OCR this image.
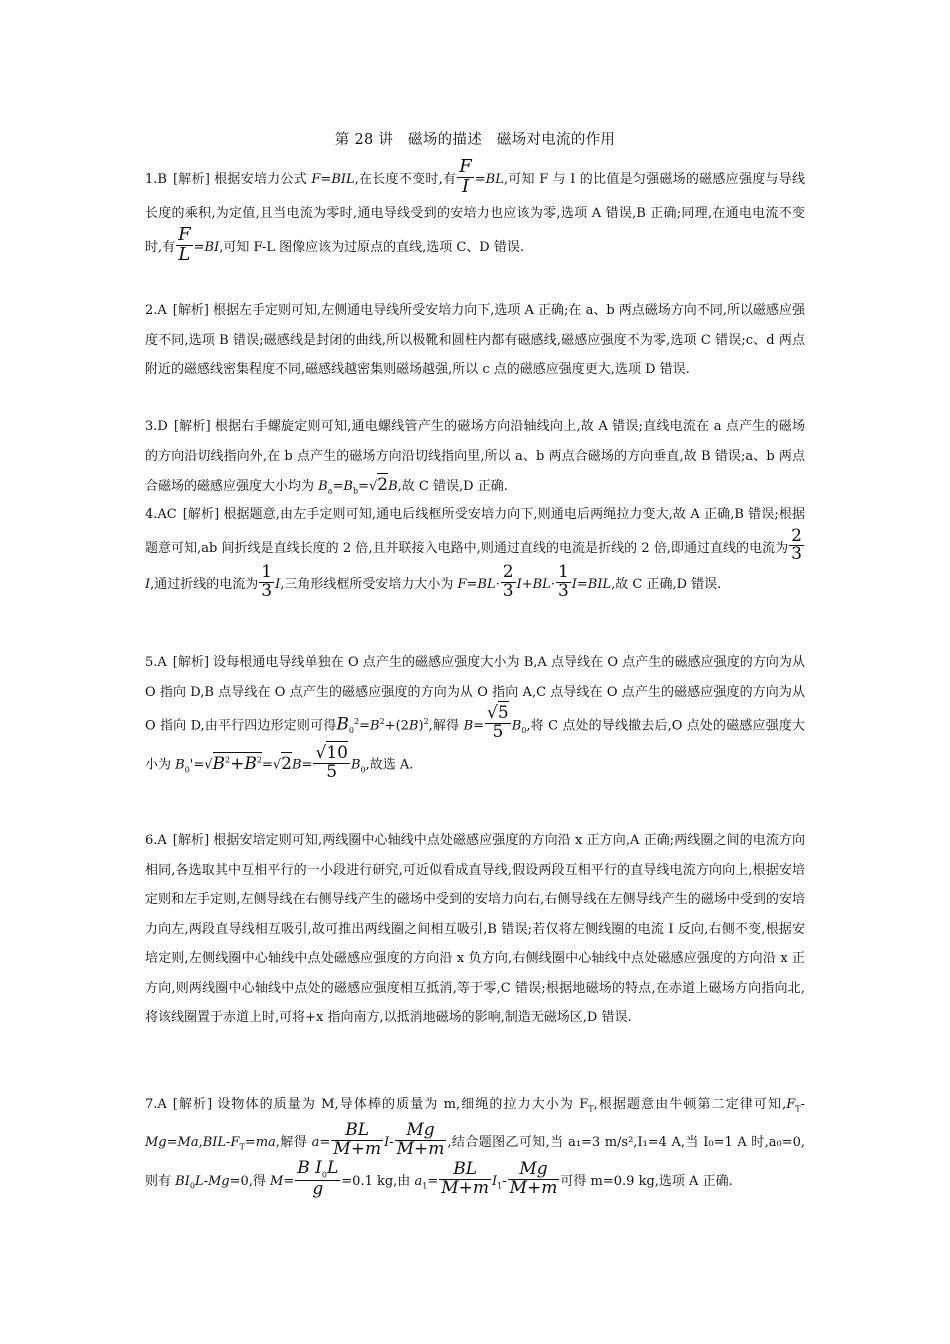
第 28 讲　磁场的描述　磁场对电流的作用

1.B [解析] 根据安培力公式 F=BIL,在长度不变时,有 $\frac{F}{I} =BL$,可知 F 与 I 的比值是匀强磁场的磁感应强度与导线长度的乘积,为定值,且当电流为零时,通电导线受到的安培力也应该为零,选项 A 错误,B 正确;同理,在通电电流不变时,有 $\frac{F}{L} =BI$,可知 F-L 图像应该为过原点的直线,选项 C、D 错误.

2.A [解析] 根据左手定则可知,左侧通电导线所受安培力向下,选项 A 正确;在 a、b 两点磁场方向不同,所以磁感应强度不同,选项 B 错误;磁感线是封闭的曲线,所以极靴和圆柱内都有磁感线,磁感应强度不为零,选项 C 错误;c、d 两点附近的磁感线密集程度不同,磁感线越密集则磁场越强,所以 c 点的磁感应强度更大,选项 D 错误.

3.D [解析] 根据右手螺旋定则可知,通电螺线管产生的磁场方向沿轴线向上,故 A 错误;直线电流在 a 点产生的磁场的方向沿切线指向外,在 b 点产生的磁场方向沿切线指向里,所以 a、b 两点合磁场的方向垂直,故 B 错误;a、b 两点合磁场的磁感应强度大小均为 $B_a=B_b=√2B$,故 C 错误,D 正确.

4.AC [解析] 根据题意,由左手定则可知,通电后线框所受安培力向下,则通电后两绳拉力变大,故 A 正确,B 错误;根据题意可知,ab 间折线是直线长度的 2 倍,且并联接入电路中,则通过直线的电流是折线的 2 倍,即通过直线的电流为 $\frac{2}{3}$
I,通过折线的电流为 $\frac{1}{3} I$,三角形线框所受安培力大小为 $F=BL\cdot \frac{2}{3} I+BL\cdot \frac{1}{3} I=BIL$,故 C 正确,D 错误.

5.A [解析] 设每根通电导线单独在 O 点产生的磁感应强度大小为 B,A 点导线在 O 点产生的磁感应强度的方向为从 O 指向 D,B 点导线在 O 点产生的磁感应强度的方向为从 O 指向 A,C 点导线在 O 点产生的磁感应强度的方向为从 O 指向 D,由平行四边形定则可得$B_0^2=B^2+(2B)^2$,解得 $B= \frac{√5}{5} B_0$,将 C 点处的导线撤去后,O 点处的磁感应强度大小为 $B_0'=√B^2+B^2=√2B= \frac{√10}{5} B_0$,故选 A.

6.A [解析] 根据安培定则可知,两线圈中心轴线中点处磁感应强度的方向沿 x 正方向,A 正确;两线圈之间的电流方向相同,各选取其中互相平行的一小段进行研究,可近似看成直导线,假设两段互相平行的直导线电流方向向上,根据安培定则和左手定则,左侧导线在右侧导线产生的磁场中受到的安培力向右,右侧导线在左侧导线产生的磁场中受到的安培力向左,两段直导线相互吸引,故可推出两线圈之间相互吸引,B 错误;若仅将左侧线圈的电流 I 反向,右侧不变,根据安培定则,左侧线圈中心轴线中点处磁感应强度的方向沿 x 负方向,右侧线圈中心轴线中点处磁感应强度的方向沿 x 正方向,则两线圈中心轴线中点处的磁感应强度相互抵消,等于零,C 错误;根据地磁场的特点,在赤道上磁场方向指向北,将该线圈置于赤道上时,可将+x 指向南方,以抵消地磁场的影响,制造无磁场区,D 错误.

7.A [解析] 设物体的质量为 M,导体棒的质量为 m,细绳的拉力大小为 $F_T$,根据题意由牛顿第二定律可知$,F_T-Mg=Ma,BIL-F_T=ma$,解得 $a= \frac{BL}{M+m} I- \frac{Mg}{M+m}$ ,结合题图乙可知,当 a₁=3 m/s²,I₁=4 A,当 I₀=1 A 时,a₀=0,则有 $BI_0L-Mg=0$,得 $M= \frac{B I_0L}{g} =0.1$ kg,由 $a_1= \frac{BL}{M+m} I_1- \frac{Mg}{M+m}$ 可得 m=0.9 kg,选项 A 正确.
